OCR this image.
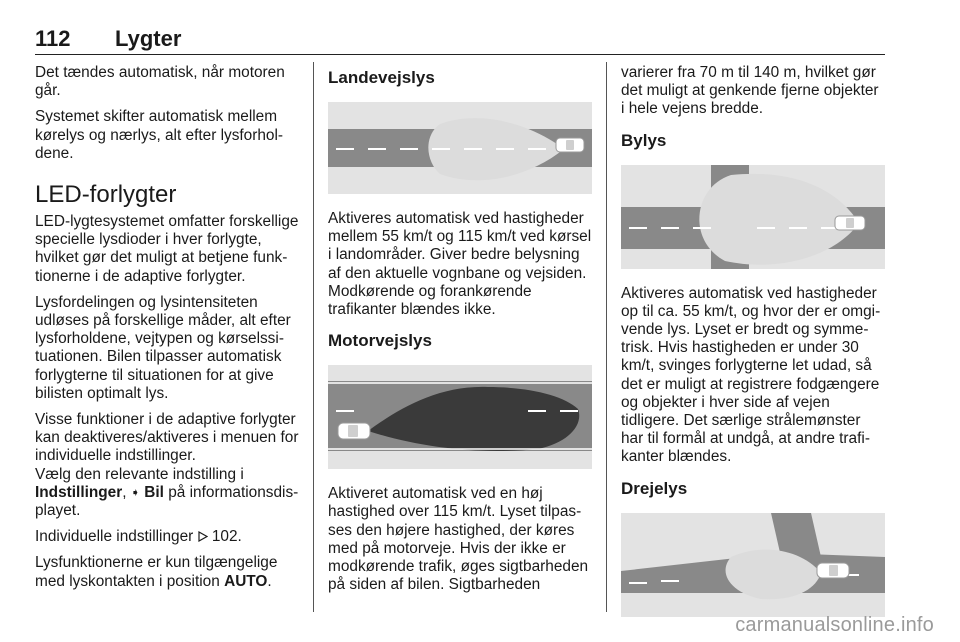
112 Lygter

Det tændes automatisk, når motoren går.

Systemet skifter automatisk mellem kørelys og nærlys, alt efter lysforholdene.

LED-forlygter

LED-lygtesystemet omfatter forskellige specielle lysdioder i hver forlygte, hvilket gør det muligt at betjene funktionerne i de adaptive forlygter.

Lysfordelingen og lysintensiteten udløses på forskellige måder, alt efter lysforholdene, vejtypen og kørselssituationen. Bilen tilpasser automatisk forlygterne til situationen for at give bilisten optimalt lys.

Visse funktioner i de adaptive forlygter kan deaktiveres/aktiveres i menuen for individuelle indstillinger.

Vælg den relevante indstilling i
Indstillinger, ➧ Bil på informationsdisplayet.

Individuelle indstillinger 102.

Lysfunktionerne er kun tilgængelige med lyskontakten i position AUTO.

Landevejslys

Aktiveres automatisk ved hastigheder mellem 55 km/t og 115 km/t ved kørsel i landområder. Giver bedre belysning af den aktuelle vognbane og vejsiden. Modkørende og forankørende trafikanter blændes ikke.

Motorvejslys

Aktiveret automatisk ved en høj hastighed over 115 km/t. Lyset tilpasses den højere hastighed, der køres med på motorveje. Hvis der ikke er modkørende trafik, øges sigtbarheden på siden af bilen. Sigtbarheden

varierer fra 70 m til 140 m, hvilket gør det muligt at genkende fjerne objekter i hele vejens bredde.

Bylys

Aktiveres automatisk ved hastigheder op til ca. 55 km/t, og hvor der er omgivende lys. Lyset er bredt og symmetrisk. Hvis hastigheden er under 30 km/t, svinges forlygterne let udad, så det er muligt at registrere fodgængere og objekter i hver side af vejen tidligere. Det særlige strålemønster har til formål at undgå, at andre trafikanter blændes.

Drejelys
carmanualsonline.info
